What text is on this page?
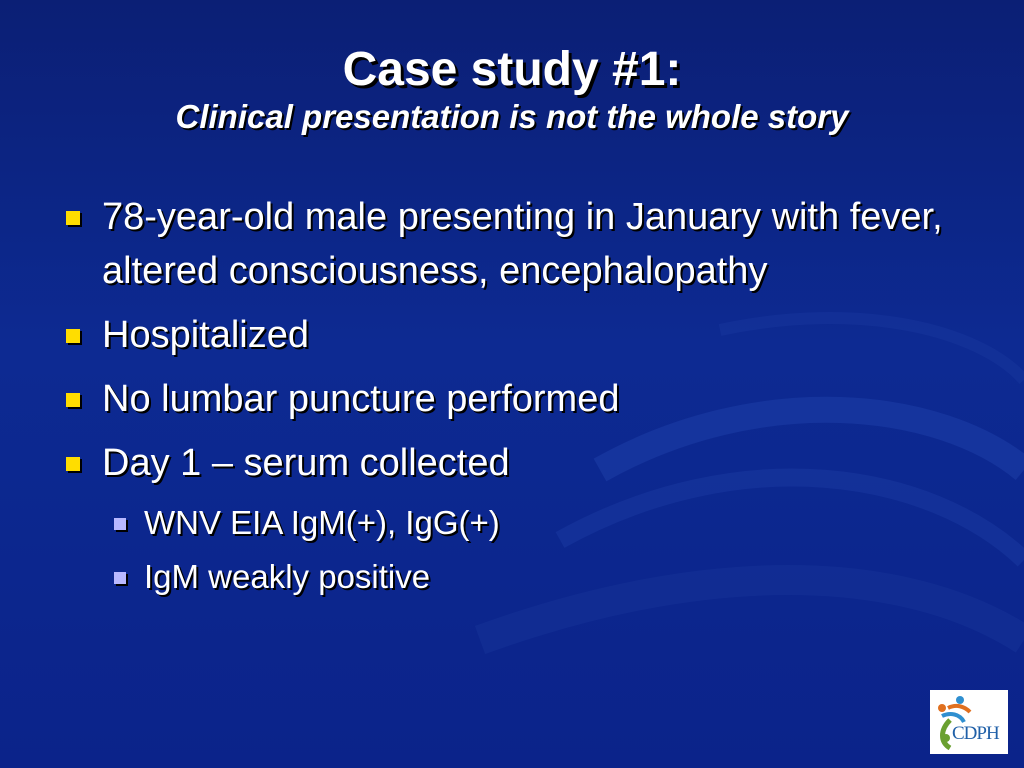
Case study #1:
Clinical presentation is not the whole story
78-year-old male presenting in January with fever, altered consciousness, encephalopathy
Hospitalized
No lumbar puncture performed
Day 1 – serum collected
WNV EIA IgM(+), IgG(+)
IgM weakly positive
CDPH
